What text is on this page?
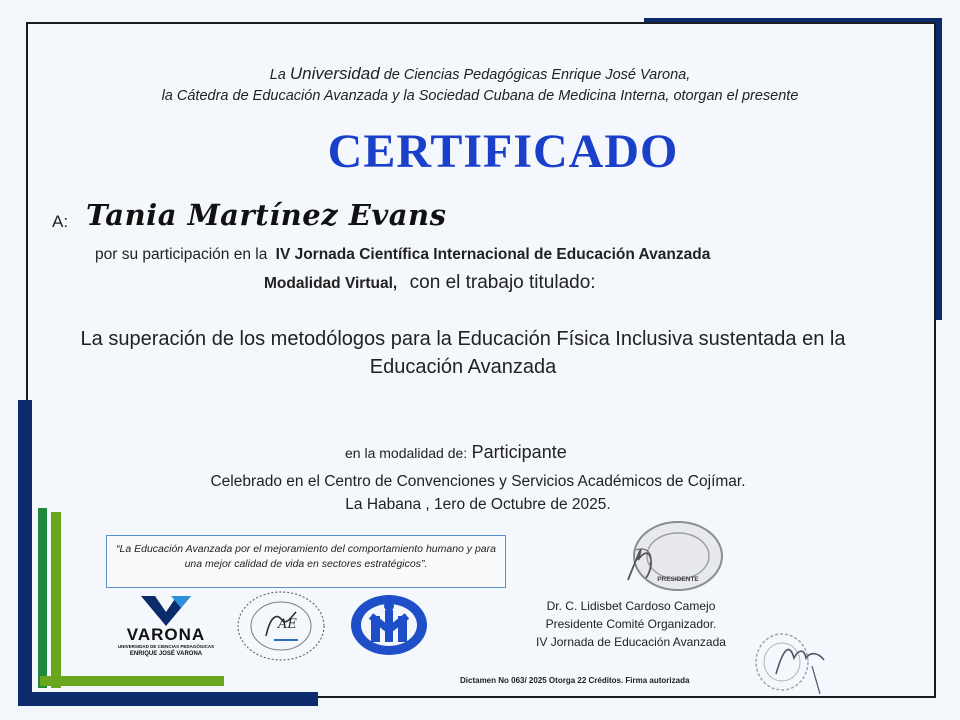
La Universidad de Ciencias Pedagógicas Enrique José Varona,
la Cátedra de Educación Avanzada y la Sociedad Cubana de Medicina Interna, otorgan el presente
CERTIFICADO
A: Tania Martínez Evans
por su participación en la IV Jornada Científica Internacional de Educación Avanzada
Modalidad Virtual, con el trabajo titulado:
La superación de los metodólogos para la Educación Física Inclusiva sustentada en la Educación Avanzada
en la modalidad de: Participante
Celebrado en el Centro de Convenciones y Servicios Académicos de Cojímar.
La Habana , 1ero de Octubre de 2025.
“La Educación Avanzada por el mejoramiento del comportamiento humano y para una mejor calidad de vida en sectores estratégicos”.
VARONA
UNIVERSIDAD DE CIENCIAS PEDAGÓGICAS
ENRIQUE JOSÉ VARONA
AE
PRESIDENTE
Dr. C. Lidisbet Cardoso Camejo
Presidente Comité Organizador.
IV Jornada de Educación Avanzada
Dictamen No 063/ 2025 Otorga 22 Créditos. Firma autorizada
